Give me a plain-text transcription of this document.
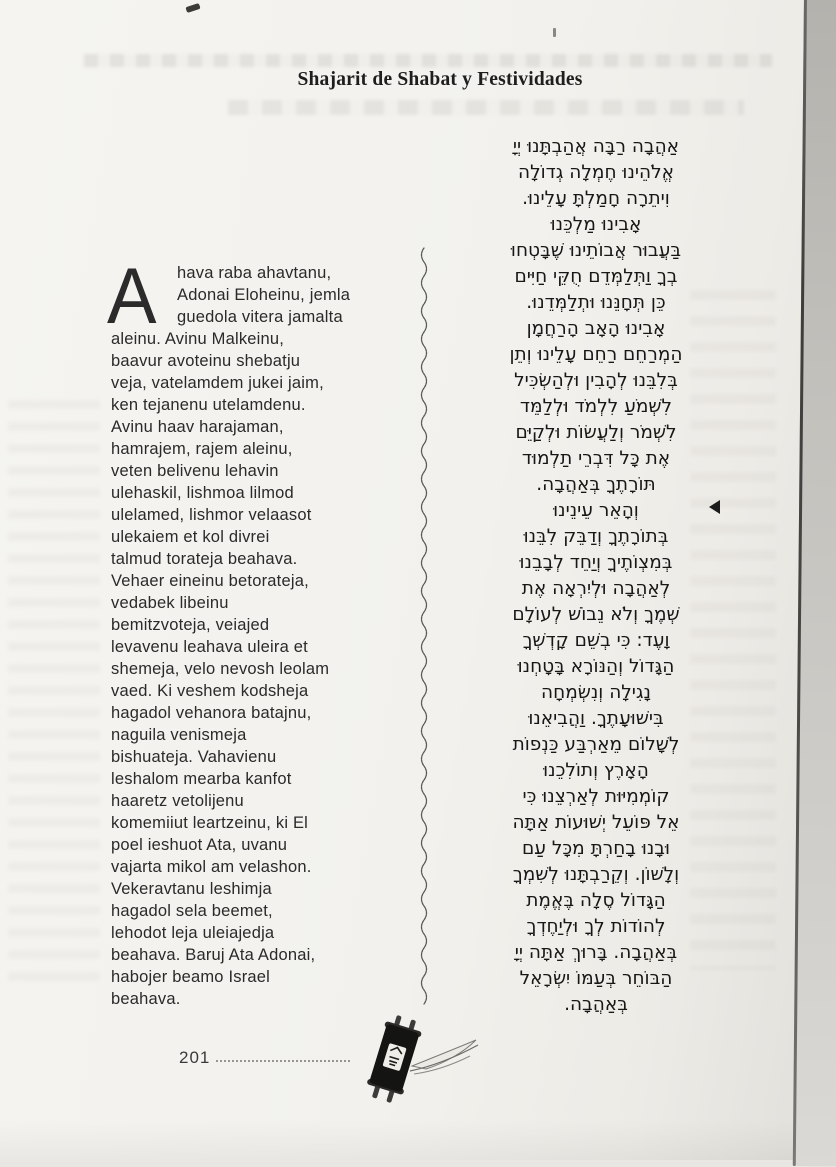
Shajarit de Shabat y Festividades
A hava raba ahavtanu,
Adonai Eloheinu, jemla
guedola vitera jamalta
aleinu. Avinu Malkeinu,
baavur avoteinu shebatju
veja, vatelamdem jukei jaim,
ken tejanenu utelamdenu.
Avinu haav harajaman,
hamrajem, rajem aleinu,
veten belivenu lehavin
ulehaskil, lishmoa lilmod
ulelamed, lishmor velaasot
ulekaiem et kol divrei
talmud torateja beahava.
Vehaer eineinu betorateja,
vedabek libeinu
bemitzvoteja, veiajed
levavenu leahava uleira et
shemeja, velo nevosh leolam
vaed. Ki veshem kodsheja
hagadol vehanora batajnu,
naguila venismeja
bishuateja. Vahavienu
leshalom mearba kanfot
haaretz vetolijenu
komemiiut leartzeinu, ki El
poel ieshuot Ata, uvanu
vajarta mikol am velashon.
Vekeravtanu leshimja
hagadol sela beemet,
lehodot leja uleiajedja
beahava. Baruj Ata Adonai,
habojer beamo Israel
beahava.
אַהֲבָה רַבָּה אֲהַבְתָּנוּ יְיָ
אֱלֹהֵינוּ חֶמְלָה גְדוֹלָה
וִיתֵרָה חָמַלְתָּ עָלֵינוּ.
אָבִינוּ מַלְכֵּנוּ
בַּעֲבוּר אֲבוֹתֵינוּ שֶׁבָּטְחוּ
בְךָ וַתְּלַמְּדֵם חֻקֵּי חַיִּים
כֵּן תְּחָנֵּנוּ וּתְלַמְּדֵנוּ.
אָבִינוּ הָאָב הָרַחֲמָן
הַמְרַחֵם רַחֵם עָלֵינוּ וְתֵן
בְּלִבֵּנוּ לְהָבִין וּלְהַשְׂכִּיל
לִשְׁמֹעַ לִלְמֹד וּלְלַמֵּד
לִשְׁמֹר וְלַעֲשׂוֹת וּלְקַיֵּם
אֶת כָּל דִּבְרֵי תַלְמוּד
תּוֹרָתֶךָ בְּאַהֲבָה.
וְהָאֵר עֵינֵינוּ
בְּתוֹרָתֶךָ וְדַבֵּק לִבֵּנוּ
בְּמִצְוֹתֶיךָ וְיַחֵד לְבָבֵנוּ
לְאַהֲבָה וּלְיִרְאָה אֶת
שְׁמֶךָ וְלֹא נֵבוֹשׁ לְעוֹלָם
וָעֶד: כִּי בְשֵׁם קָדְשְׁךָ
הַגָּדוֹל וְהַנּוֹרָא בָּטָחְנוּ
נָגִילָה וְנִשְׂמְחָה
בִּישׁוּעָתֶךָ. וַהֲבִיאֵנוּ
לְשָׁלוֹם מֵאַרְבַּע כַּנְפוֹת
הָאָרֶץ וְתוֹלִכֵנוּ
קוֹמְמִיּוּת לְאַרְצֵנוּ כִּי
אֵל פּוֹעֵל יְשׁוּעוֹת אַתָּה
וּבָנוּ בָחַרְתָּ מִכָּל עַם
וְלָשׁוֹן. וְקֵרַבְתָּנוּ לְשִׁמְךָ
הַגָּדוֹל סֶלָה בֶּאֱמֶת
לְהוֹדוֹת לְךָ וּלְיַחֶדְךָ
בְּאַהֲבָה. בָּרוּךְ אַתָּה יְיָ
הַבּוֹחֵר בְּעַמּוֹ יִשְׂרָאֵל
בְּאַהֲבָה.
201
